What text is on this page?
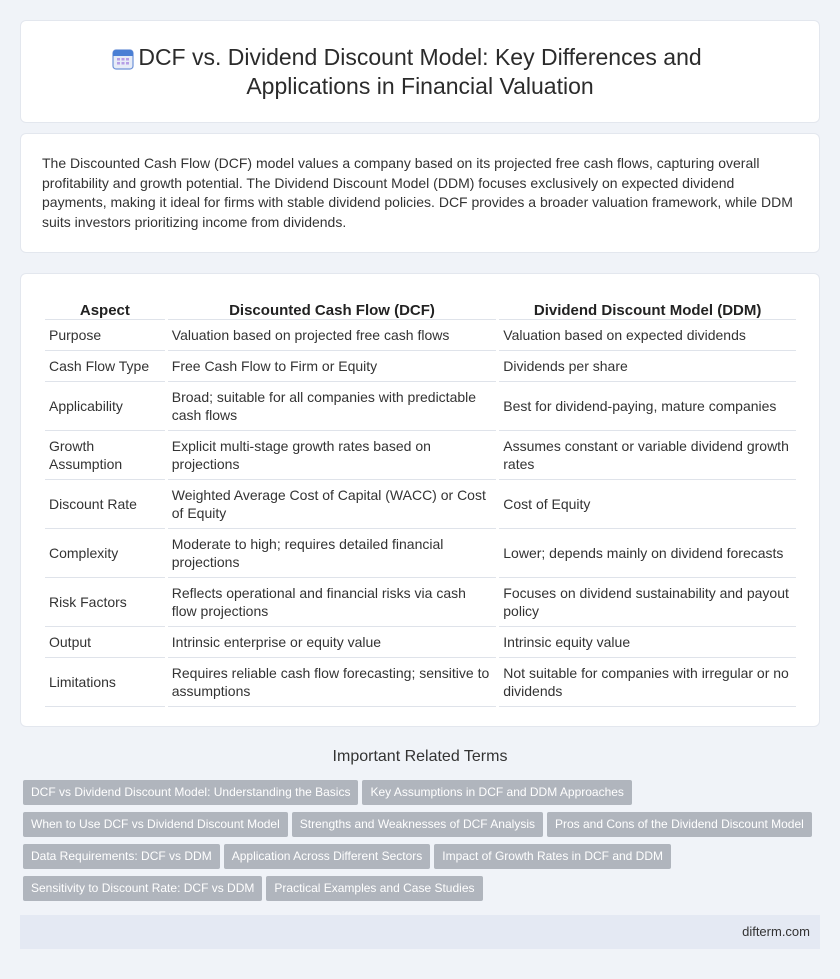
DCF vs. Dividend Discount Model: Key Differences and
Applications in Financial Valuation

The Discounted Cash Flow (DCF) model values a company based on its projected free cash flows, capturing overall profitability and growth potential. The Dividend Discount Model (DDM) focuses exclusively on expected dividend payments, making it ideal for firms with stable dividend policies. DCF provides a broader valuation framework, while DDM suits investors prioritizing income from dividends.

Aspect	Discounted Cash Flow (DCF)	Dividend Discount Model (DDM)
Purpose	Valuation based on projected free cash flows	Valuation based on expected dividends
Cash Flow Type	Free Cash Flow to Firm or Equity	Dividends per share
Applicability	Broad; suitable for all companies with predictable cash flows	Best for dividend-paying, mature companies
Growth Assumption	Explicit multi-stage growth rates based on projections	Assumes constant or variable dividend growth rates
Discount Rate	Weighted Average Cost of Capital (WACC) or Cost of Equity	Cost of Equity
Complexity	Moderate to high; requires detailed financial projections	Lower; depends mainly on dividend forecasts
Risk Factors	Reflects operational and financial risks via cash flow projections	Focuses on dividend sustainability and payout policy
Output	Intrinsic enterprise or equity value	Intrinsic equity value
Limitations	Requires reliable cash flow forecasting; sensitive to assumptions	Not suitable for companies with irregular or no dividends
Important Related Terms
DCF vs Dividend Discount Model: Understanding the Basics Key Assumptions in DCF and DDM Approaches
When to Use DCF vs Dividend Discount Model Strengths and Weaknesses of DCF Analysis Pros and Cons of the Dividend Discount Model
Data Requirements: DCF vs DDM Application Across Different Sectors Impact of Growth Rates in DCF and DDM
Sensitivity to Discount Rate: DCF vs DDM Practical Examples and Case Studies
difterm.com
